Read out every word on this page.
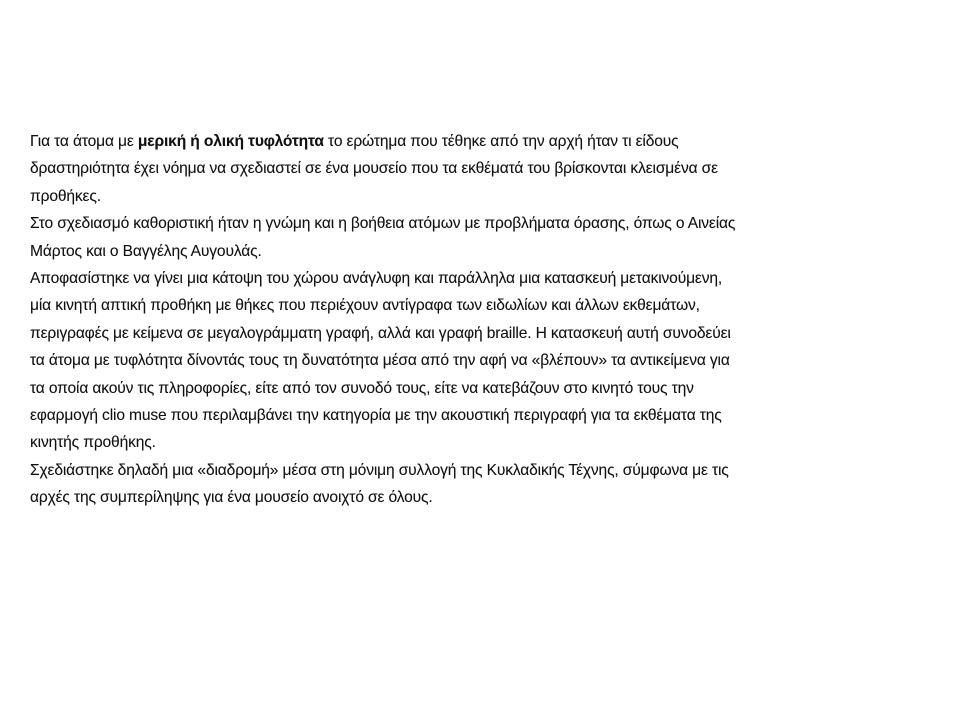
Για τα άτομα με μερική ή ολική τυφλότητα το ερώτημα που τέθηκε από την αρχή ήταν τι είδους
δραστηριότητα έχει νόημα να σχεδιαστεί σε ένα μουσείο που τα εκθέματά του βρίσκονται κλεισμένα σε
προθήκες.
Στο σχεδιασμό καθοριστική ήταν η γνώμη και η βοήθεια ατόμων με προβλήματα όρασης, όπως ο Αινείας
Μάρτος και ο Βαγγέλης Αυγουλάς.
Αποφασίστηκε να γίνει μια κάτοψη του χώρου ανάγλυφη και παράλληλα μια κατασκευή μετακινούμενη,
μία κινητή απτική προθήκη με θήκες που περιέχουν αντίγραφα των ειδωλίων και άλλων εκθεμάτων,
περιγραφές με κείμενα σε μεγαλογράμματη γραφή, αλλά και γραφή braille. Η κατασκευή αυτή συνοδεύει
τα άτομα με τυφλότητα δίνοντάς τους τη δυνατότητα μέσα από την αφή να «βλέπουν» τα αντικείμενα για
τα οποία ακούν τις πληροφορίες, είτε από τον συνοδό τους, είτε να κατεβάζουν στο κινητό τους την
εφαρμογή clio muse που περιλαμβάνει την κατηγορία με την ακουστική περιγραφή για τα εκθέματα της
κινητής προθήκης.
Σχεδιάστηκε δηλαδή μια «διαδρομή» μέσα στη μόνιμη συλλογή της Κυκλαδικής Τέχνης, σύμφωνα με τις
αρχές της συμπερίληψης για ένα μουσείο ανοιχτό σε όλους.
